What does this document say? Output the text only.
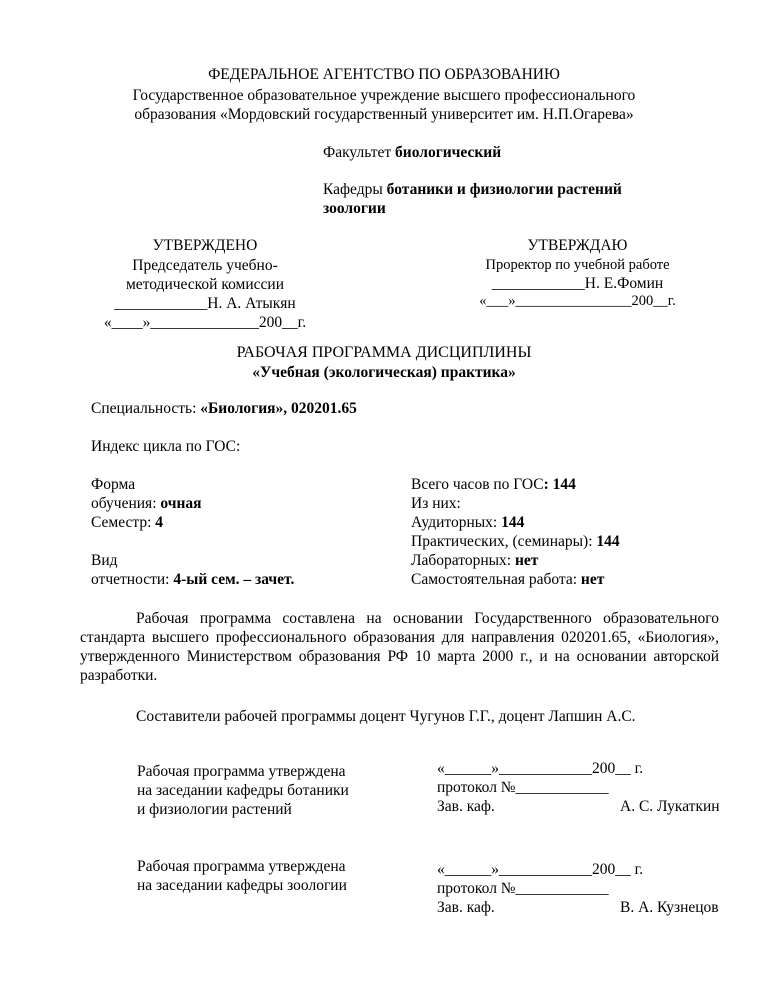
ФЕДЕРАЛЬНОЕ АГЕНТСТВО ПО ОБРАЗОВАНИЮ
Государственное образовательное учреждение высшего профессионального
образования «Мордовский государственный университет им. Н.П.Огарева»
Факультет биологический
Кафедры ботаники и физиологии растений
зоологии
УТВЕРЖДЕНО
Председатель учебно-
методической комиссии
____________Н. А. Атыкян
«____»______________200__г.
УТВЕРЖДАЮ
Проректор по учебной работе
____________Н. Е.Фомин
«___»________________200__г.
РАБОЧАЯ ПРОГРАММА ДИСЦИПЛИНЫ
«Учебная (экологическая) практика»
Специальность: «Биология», 020201.65
Индекс цикла по ГОС:
Форма
обучения: очная
Семестр: 4
Вид
отчетности: 4-ый сем. – зачет.
Всего часов по ГОС: 144
Из них:
Аудиторных: 144
Практических, (семинары): 144
Лабораторных: нет
Самостоятельная работа: нет
Рабочая программа составлена на основании Государственного образовательного стандарта высшего профессионального образования для направления 020201.65, «Биология», утвержденного Министерством образования РФ 10 марта 2000 г., и на основании авторской разработки.
Составители рабочей программы доцент Чугунов Г.Г., доцент Лапшин А.С.
Рабочая программа утверждена
на заседании кафедры ботаники
и физиологии растений
«______»____________200__ г.
протокол №____________
Зав. каф.	А. С. Лукаткин
Рабочая программа утверждена
на заседании кафедры зоологии
«______»____________200__ г.
протокол №____________
Зав. каф.	В. А. Кузнецов
